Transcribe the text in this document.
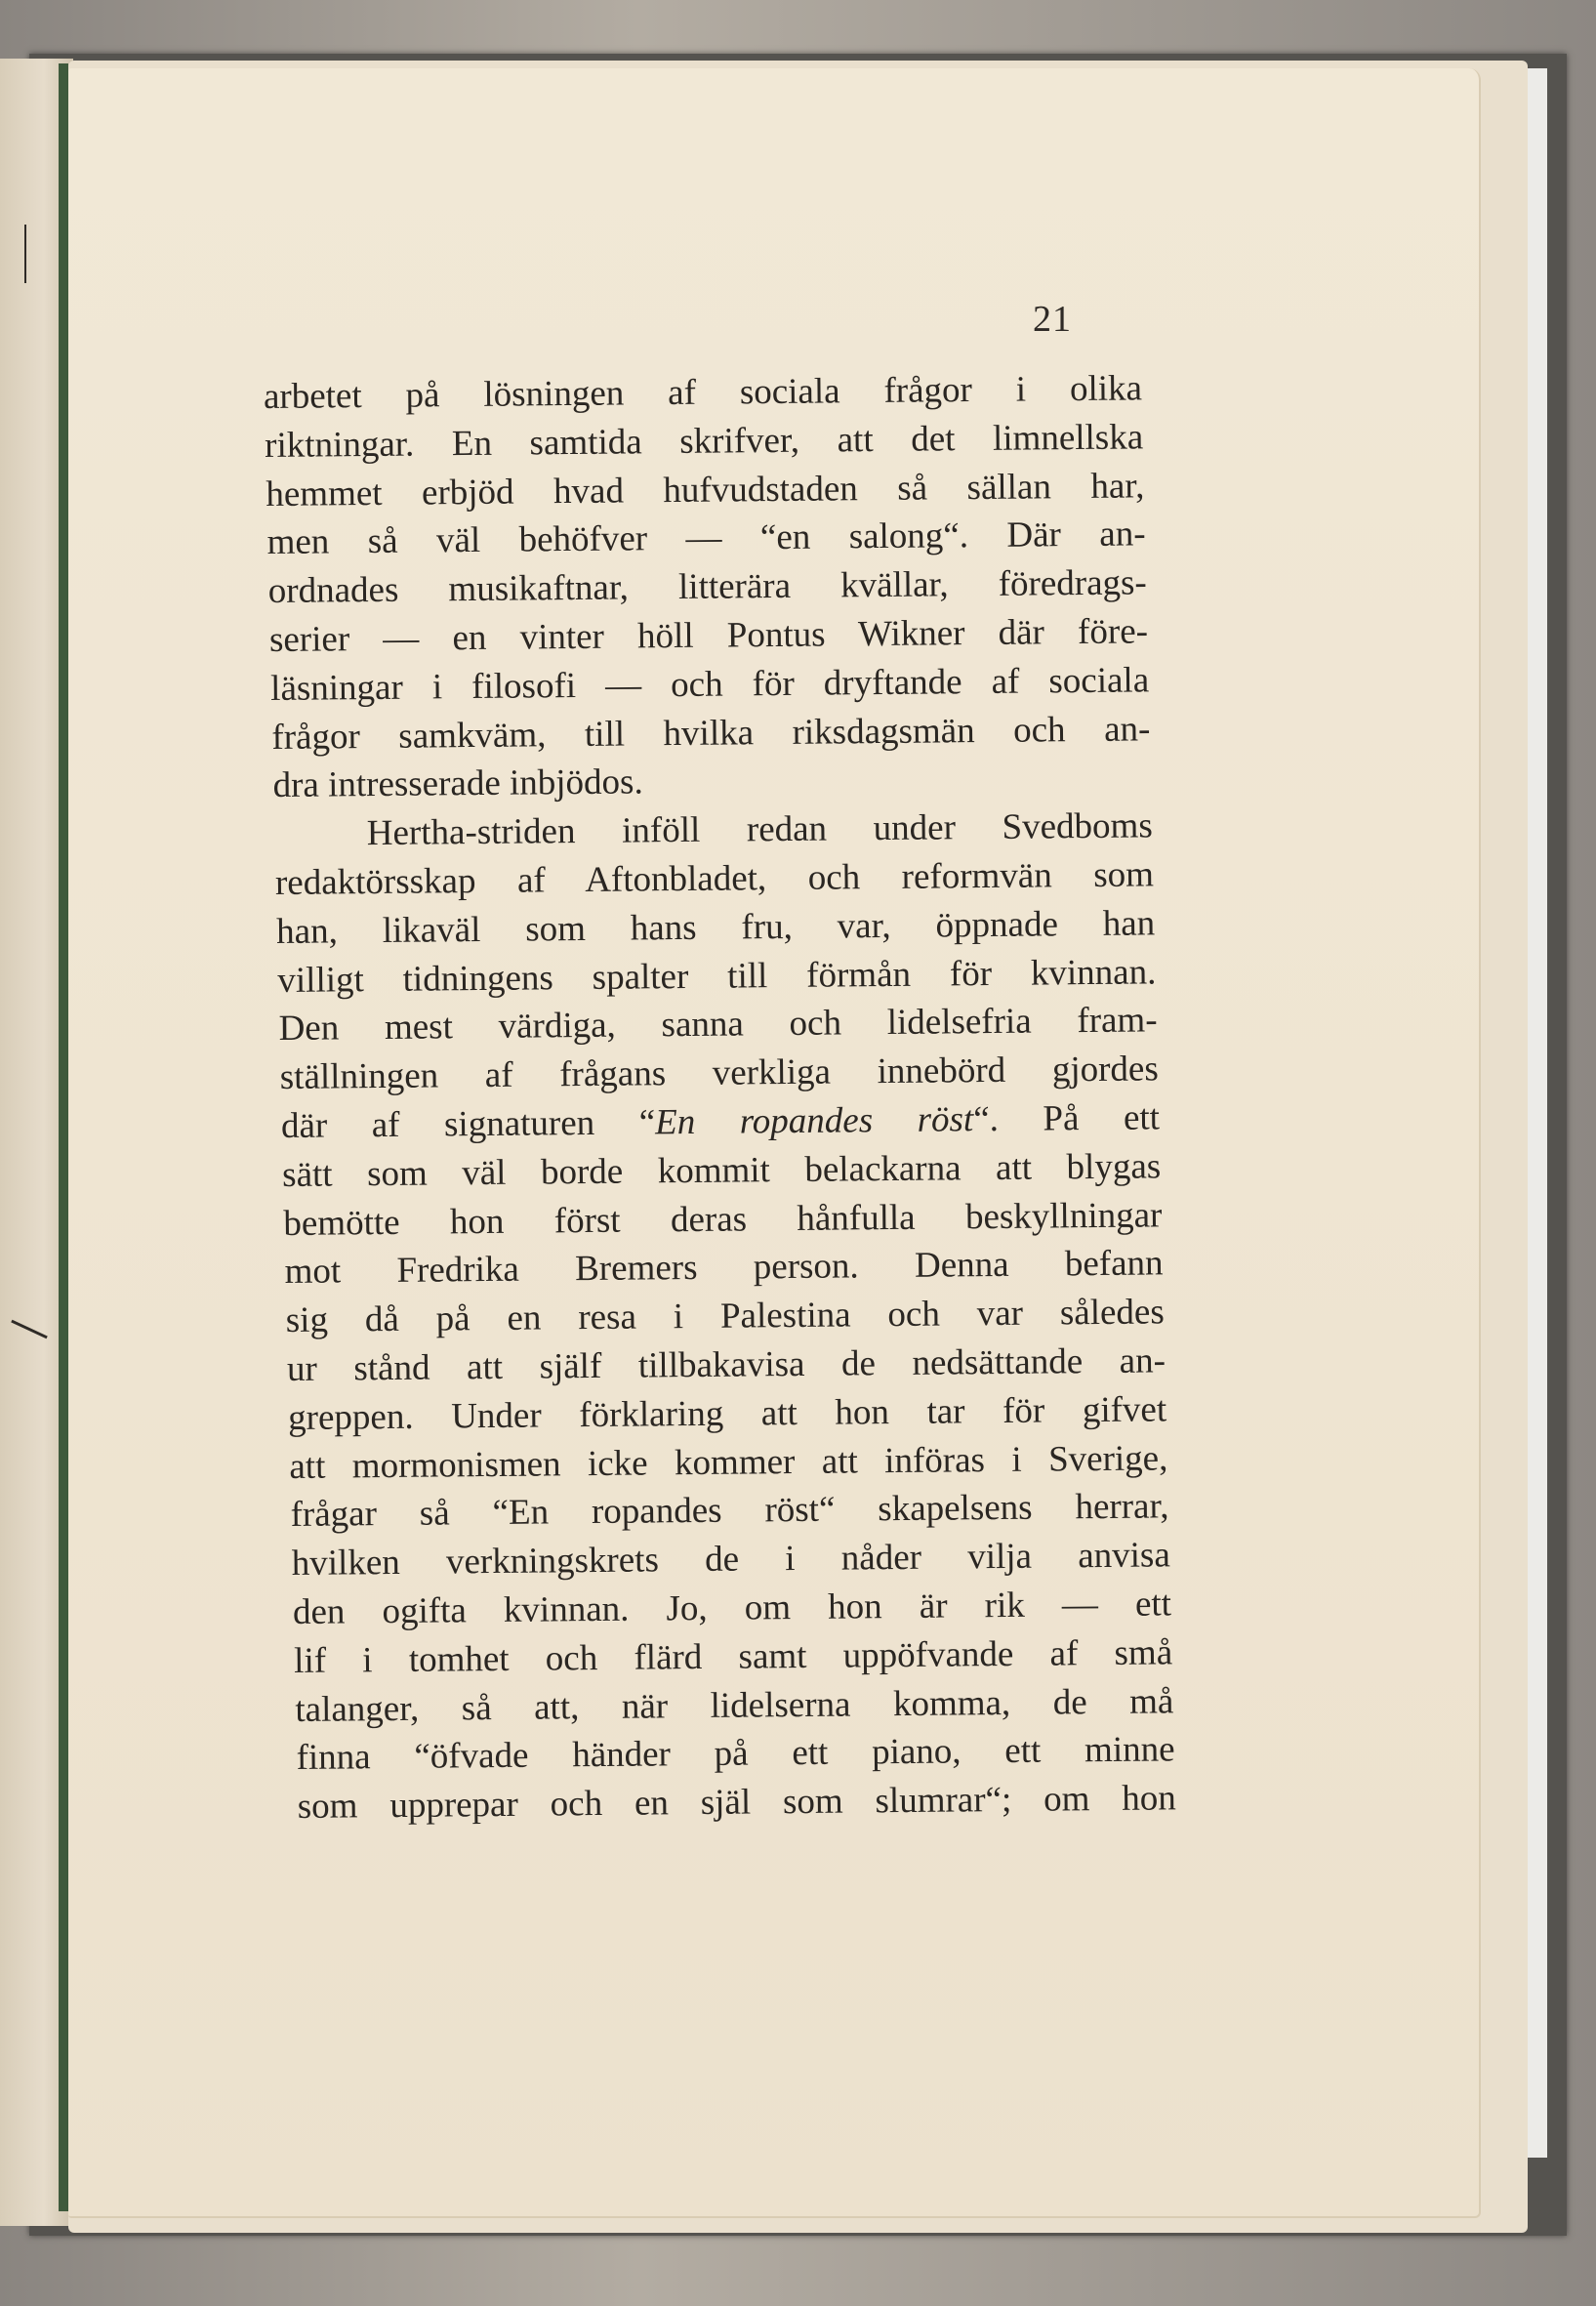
21
arbetet på lösningen af sociala frågor i olika
riktningar. En samtida skrifver, att det limnellska
hemmet erbjöd hvad hufvudstaden så sällan har,
men så väl behöfver — “en salong“. Där an-
ordnades musikaftnar, litterära kvällar, föredrags-
serier — en vinter höll Pontus Wikner där före-
läsningar i filosofi — och för dryftande af sociala
frågor samkväm, till hvilka riksdagsmän och an-
dra intresserade inbjödos.
Hertha-striden inföll redan under Svedboms
redaktörsskap af Aftonbladet, och reformvän som
han, likaväl som hans fru, var, öppnade han
villigt tidningens spalter till förmån för kvinnan.
Den mest värdiga, sanna och lidelsefria fram-
ställningen af frågans verkliga innebörd gjordes
där af signaturen “En ropandes röst“. På ett
sätt som väl borde kommit belackarna att blygas
bemötte hon först deras hånfulla beskyllningar
mot Fredrika Bremers person. Denna befann
sig då på en resa i Palestina och var således
ur stånd att själf tillbakavisa de nedsättande an-
greppen. Under förklaring att hon tar för gifvet
att mormonismen icke kommer att införas i Sverige,
frågar så “En ropandes röst“ skapelsens herrar,
hvilken verkningskrets de i nåder vilja anvisa
den ogifta kvinnan. Jo, om hon är rik — ett
lif i tomhet och flärd samt uppöfvande af små
talanger, så att, när lidelserna komma, de må
finna “öfvade händer på ett piano, ett minne
som upprepar och en själ som slumrar“; om hon
